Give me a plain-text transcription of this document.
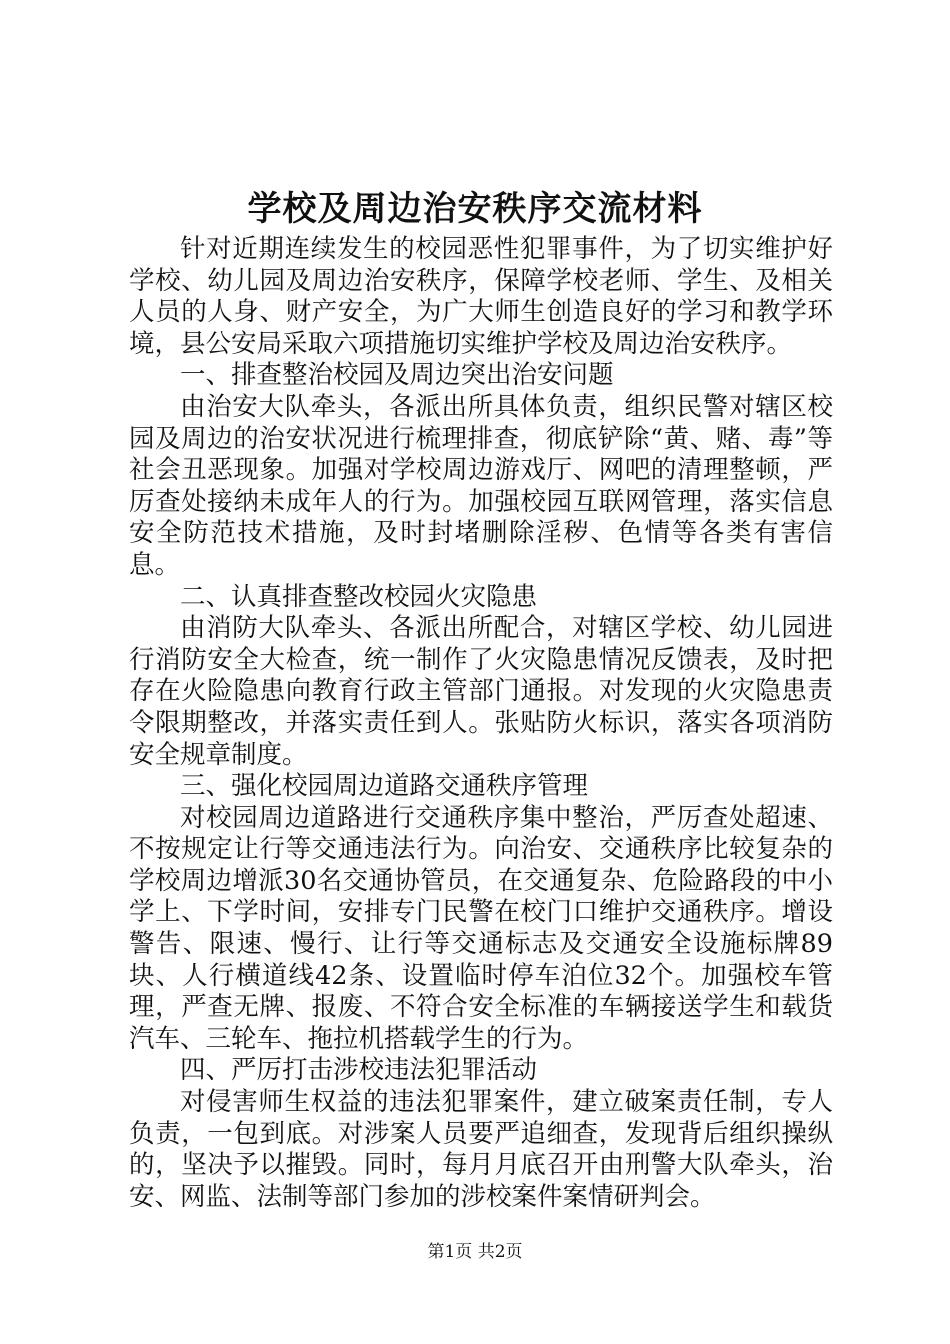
学校及周边治安秩序交流材料

针对近期连续发生的校园恶性犯罪事件，为了切实维护好学校、幼儿园及周边治安秩序，保障学校老师、学生、及相关人员的人身、财产安全，为广大师生创造良好的学习和教学环境，县公安局采取六项措施切实维护学校及周边治安秩序。

一、排查整治校园及周边突出治安问题

由治安大队牵头，各派出所具体负责，组织民警对辖区校园及周边的治安状况进行梳理排查，彻底铲除“黄、赌、毒”等社会丑恶现象。加强对学校周边游戏厅、网吧的清理整顿，严厉查处接纳未成年人的行为。加强校园互联网管理，落实信息安全防范技术措施，及时封堵删除淫秽、色情等各类有害信息。

二、认真排查整改校园火灾隐患

由消防大队牵头、各派出所配合，对辖区学校、幼儿园进行消防安全大检查，统一制作了火灾隐患情况反馈表，及时把存在火险隐患向教育行政主管部门通报。对发现的火灾隐患责令限期整改，并落实责任到人。张贴防火标识，落实各项消防安全规章制度。

三、强化校园周边道路交通秩序管理

对校园周边道路进行交通秩序集中整治，严厉查处超速、不按规定让行等交通违法行为。向治安、交通秩序比较复杂的学校周边增派30名交通协管员，在交通复杂、危险路段的中小学上、下学时间，安排专门民警在校门口维护交通秩序。增设警告、限速、慢行、让行等交通标志及交通安全设施标牌89块、人行横道线42条、设置临时停车泊位32个。加强校车管理，严查无牌、报废、不符合安全标准的车辆接送学生和载货汽车、三轮车、拖拉机搭载学生的行为。

四、严厉打击涉校违法犯罪活动

对侵害师生权益的违法犯罪案件，建立破案责任制，专人负责，一包到底。对涉案人员要严追细查，发现背后组织操纵的，坚决予以摧毁。同时，每月月底召开由刑警大队牵头，治安、网监、法制等部门参加的涉校案件案情研判会。

第1页 共2页
